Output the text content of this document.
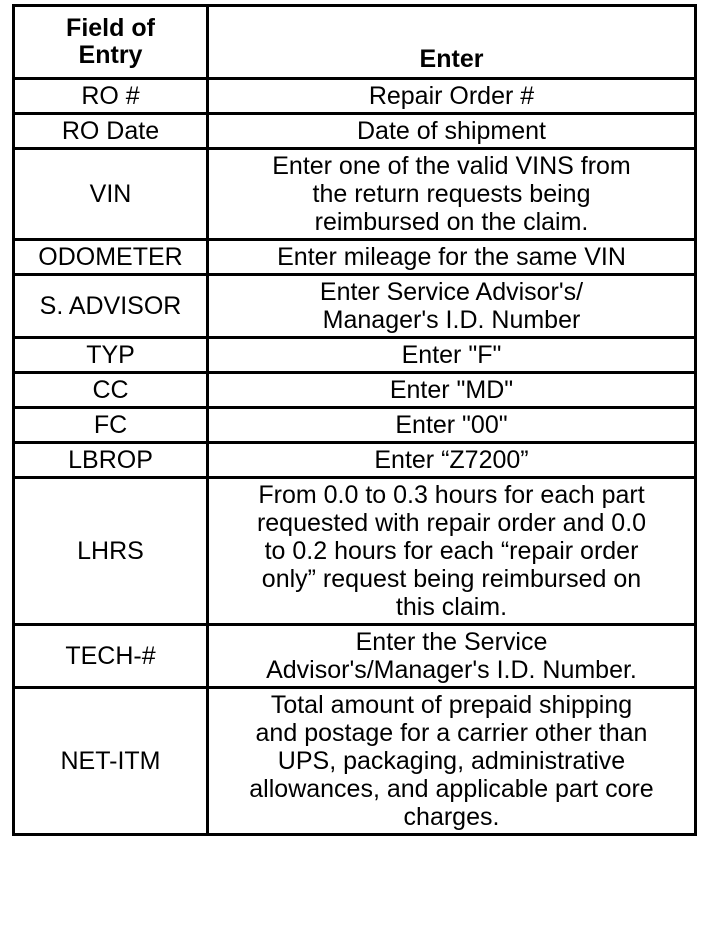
Field of
Entry	Enter
RO #	Repair Order #

RO Date	Date of shipment

VIN	Enter one of the valid VINS from
the return requests being
reimbursed on the claim.

ODOMETER	Enter mileage for the same VIN

S. ADVISOR	Enter Service Advisor's/
Manager's I.D. Number

TYP	Enter "F"

CC	Enter "MD"

FC	Enter "00"

LBROP	Enter “Z7200”

LHRS	From 0.0 to 0.3 hours for each part
requested with repair order and 0.0
to 0.2 hours for each “repair order
only” request being reimbursed on
this claim.

TECH-#	Enter the Service
Advisor's/Manager's I.D. Number.

NET-ITM	Total amount of prepaid shipping
and postage for a carrier other than
UPS, packaging, administrative
allowances, and applicable part core
charges.
